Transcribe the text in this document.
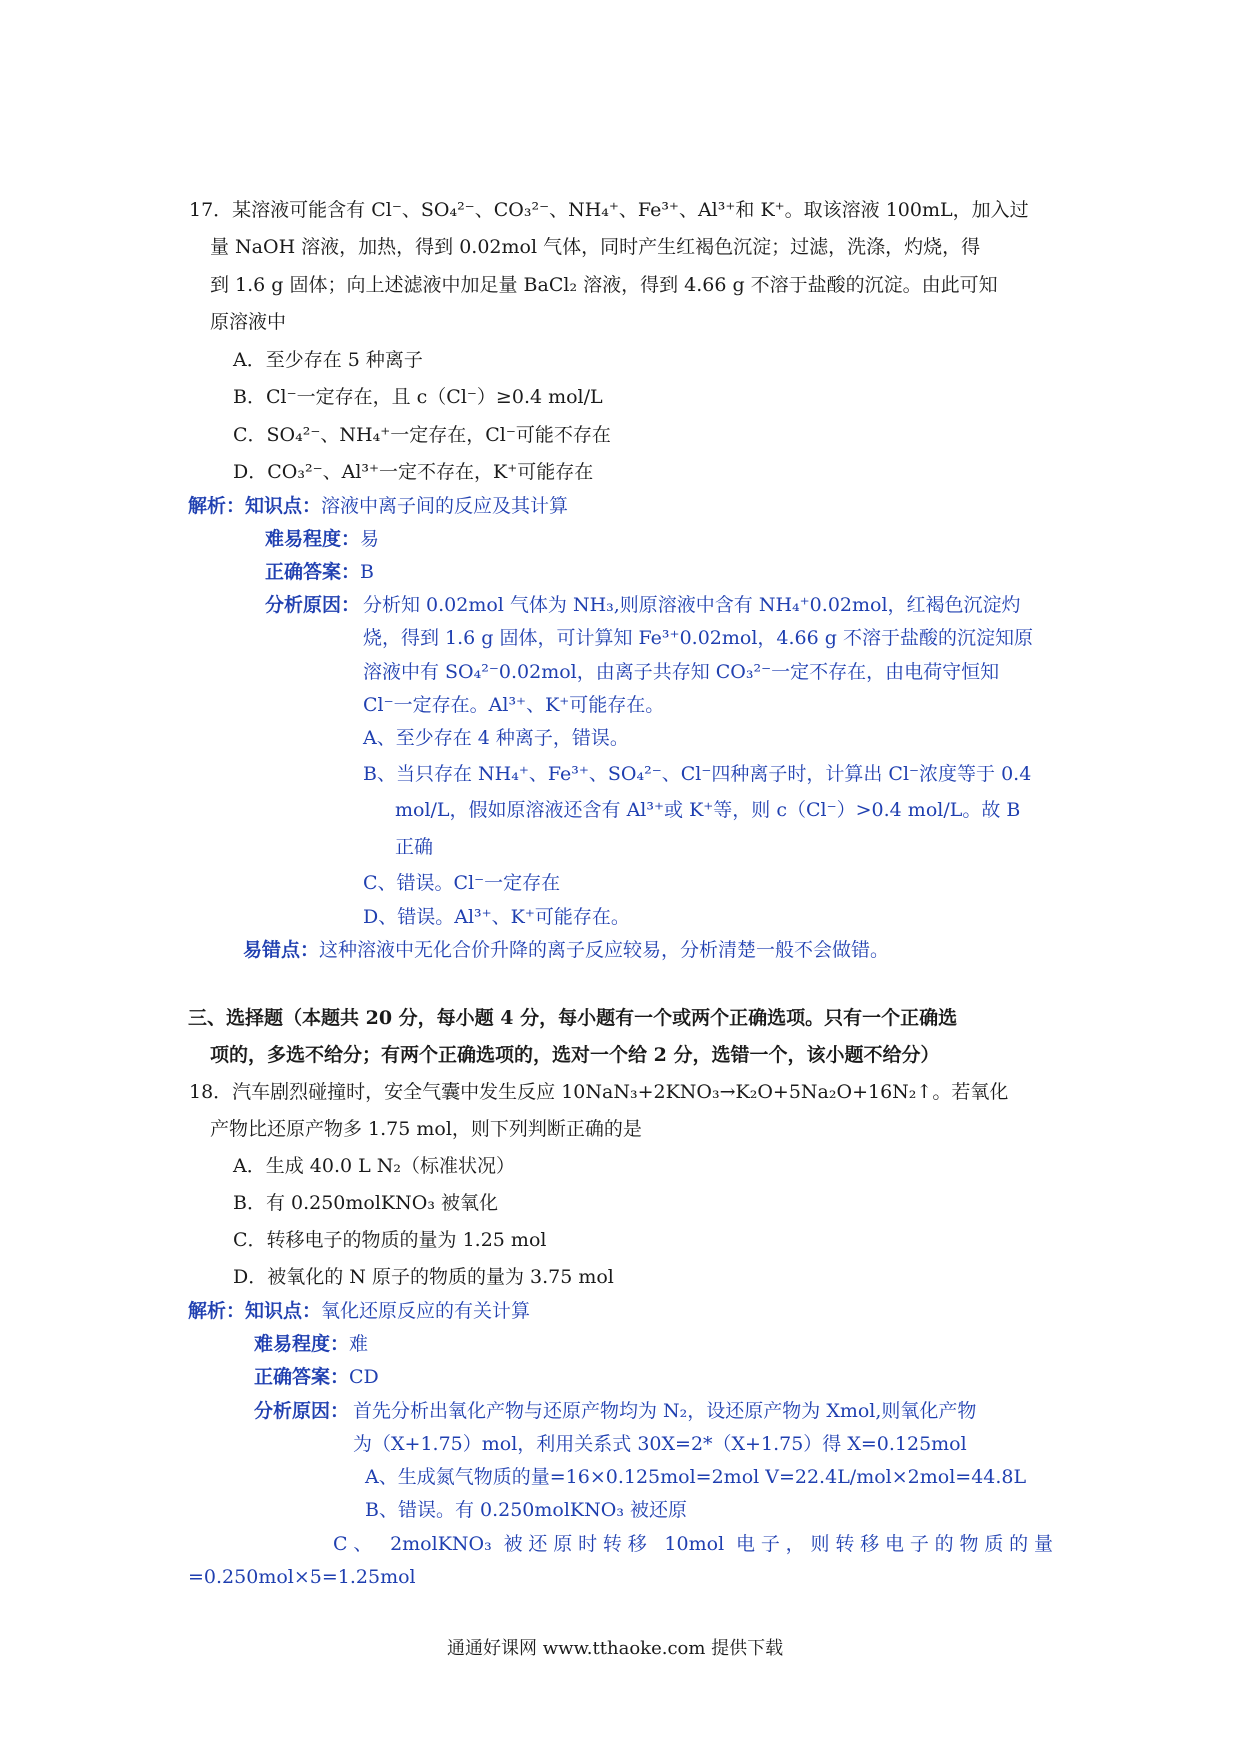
17．某溶液可能含有 Cl⁻、SO₄²⁻、CO₃²⁻、NH₄⁺、Fe³⁺、Al³⁺和 K⁺。取该溶液 100mL，加入过
量 NaOH 溶液，加热，得到 0.02mol 气体，同时产生红褐色沉淀；过滤，洗涤，灼烧，得
到 1.6 g 固体；向上述滤液中加足量 BaCl₂ 溶液，得到 4.66 g 不溶于盐酸的沉淀。由此可知
原溶液中
A．至少存在 5 种离子
B．Cl⁻一定存在，且 c（Cl⁻）≥0.4 mol/L
C．SO₄²⁻、NH₄⁺一定存在，Cl⁻可能不存在
D．CO₃²⁻、Al³⁺一定不存在，K⁺可能存在
解析：知识点：溶液中离子间的反应及其计算
难易程度：易
正确答案：B
分析原因： 分析知 0.02mol 气体为 NH₃,则原溶液中含有 NH₄⁺0.02mol，红褐色沉淀灼
烧，得到 1.6 g 固体，可计算知 Fe³⁺0.02mol，4.66 g 不溶于盐酸的沉淀知原
溶液中有 SO₄²⁻0.02mol，由离子共存知 CO₃²⁻一定不存在，由电荷守恒知
Cl⁻一定存在。Al³⁺、K⁺可能存在。
A、至少存在 4 种离子，错误。
B、当只存在 NH₄⁺、Fe³⁺、SO₄²⁻、Cl⁻四种离子时，计算出 Cl⁻浓度等于 0.4
mol/L，假如原溶液还含有 Al³⁺或 K⁺等，则 c（Cl⁻）>0.4 mol/L。故 B
正确
C、错误。Cl⁻一定存在
D、错误。Al³⁺、K⁺可能存在。
易错点：这种溶液中无化合价升降的离子反应较易，分析清楚一般不会做错。
三、选择题（本题共 20 分，每小题 4 分，每小题有一个或两个正确选项。只有一个正确选
项的，多选不给分；有两个正确选项的，选对一个给 2 分，选错一个，该小题不给分）
18．汽车剧烈碰撞时，安全气囊中发生反应 10NaN₃+2KNO₃→K₂O+5Na₂O+16N₂↑。若氧化
产物比还原产物多 1.75 mol，则下列判断正确的是
A．生成 40.0 L N₂（标准状况）
B．有 0.250molKNO₃ 被氧化
C．转移电子的物质的量为 1.25 mol
D．被氧化的 N 原子的物质的量为 3.75 mol
解析：知识点：氧化还原反应的有关计算
难易程度：难
正确答案：CD
分析原因： 首先分析出氧化产物与还原产物均为 N₂，设还原产物为 Xmol,则氧化产物
为（X+1.75）mol，利用关系式 30X=2*（X+1.75）得 X=0.125mol
A、生成氮气物质的量=16×0.125mol=2mol V=22.4L/mol×2mol=44.8L
B、错误。有 0.250molKNO₃ 被还原
C、 2molKNO₃ 被还原时转移 10mol 电子，则转移电子的物质的量
=0.250mol×5=1.25mol
通通好课网 www.tthaoke.com 提供下载
